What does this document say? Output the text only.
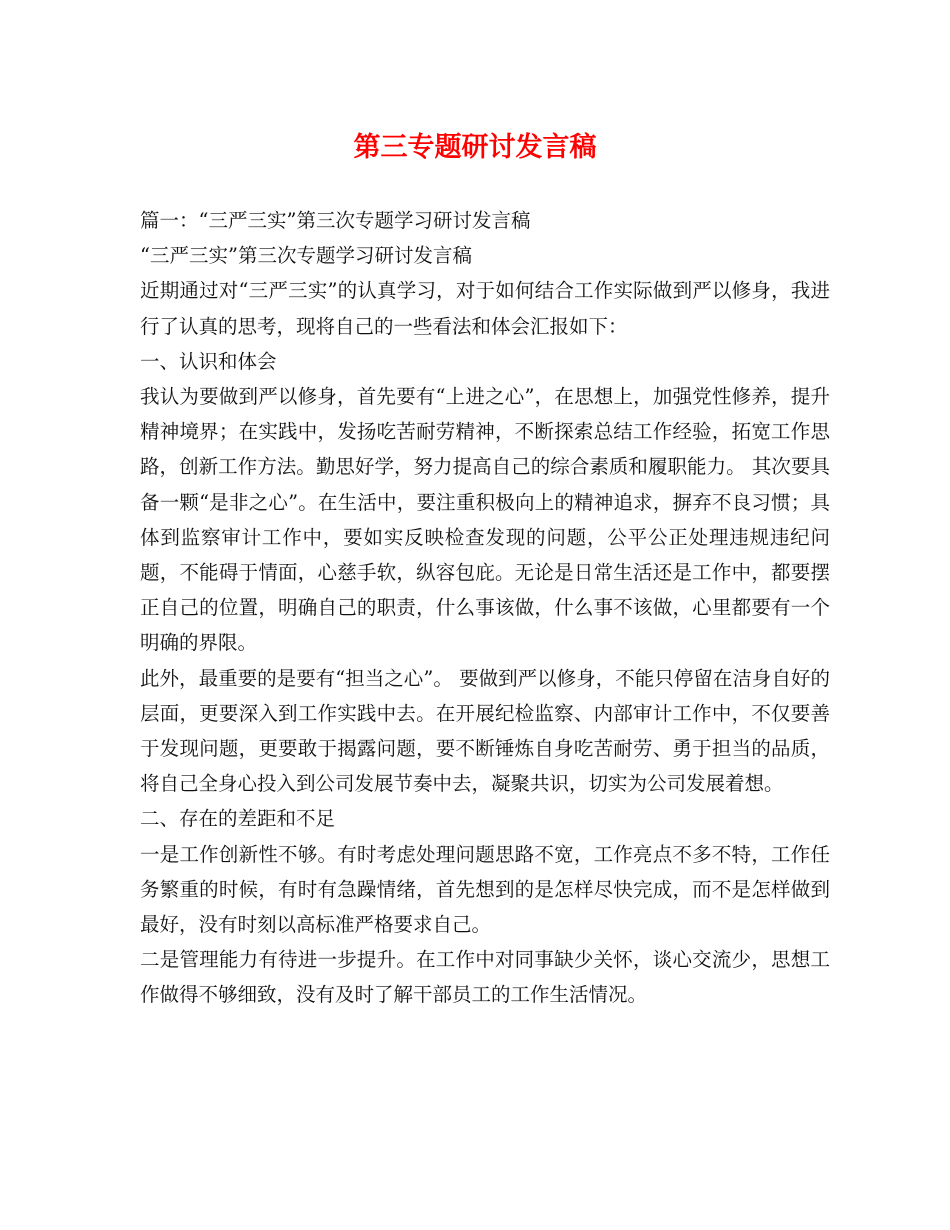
第三专题研讨发言稿

篇一：“三严三实”第三次专题学习研讨发言稿

“三严三实”第三次专题学习研讨发言稿

近期通过对“三严三实”的认真学习，对于如何结合工作实际做到严以修身，我进行了认真的思考，现将自己的一些看法和体会汇报如下：

一、认识和体会

我认为要做到严以修身，首先要有“上进之心”，在思想上，加强党性修养，提升精神境界；在实践中，发扬吃苦耐劳精神，不断探索总结工作经验，拓宽工作思路，创新工作方法。勤思好学，努力提高自己的综合素质和履职能力。 其次要具备一颗“是非之心”。在生活中，要注重积极向上的精神追求，摒弃不良习惯；具体到监察审计工作中，要如实反映检查发现的问题，公平公正处理违规违纪问题，不能碍于情面，心慈手软，纵容包庇。无论是日常生活还是工作中，都要摆正自己的位置，明确自己的职责，什么事该做，什么事不该做，心里都要有一个明确的界限。

此外，最重要的是要有“担当之心”。 要做到严以修身，不能只停留在洁身自好的层面，更要深入到工作实践中去。在开展纪检监察、内部审计工作中，不仅要善于发现问题，更要敢于揭露问题，要不断锤炼自身吃苦耐劳、勇于担当的品质，将自己全身心投入到公司发展节奏中去，凝聚共识，切实为公司发展着想。

二、存在的差距和不足

一是工作创新性不够。有时考虑处理问题思路不宽，工作亮点不多不特，工作任务繁重的时候，有时有急躁情绪，首先想到的是怎样尽快完成，而不是怎样做到最好，没有时刻以高标准严格要求自己。

二是管理能力有待进一步提升。在工作中对同事缺少关怀，谈心交流少，思想工作做得不够细致，没有及时了解干部员工的工作生活情况。
